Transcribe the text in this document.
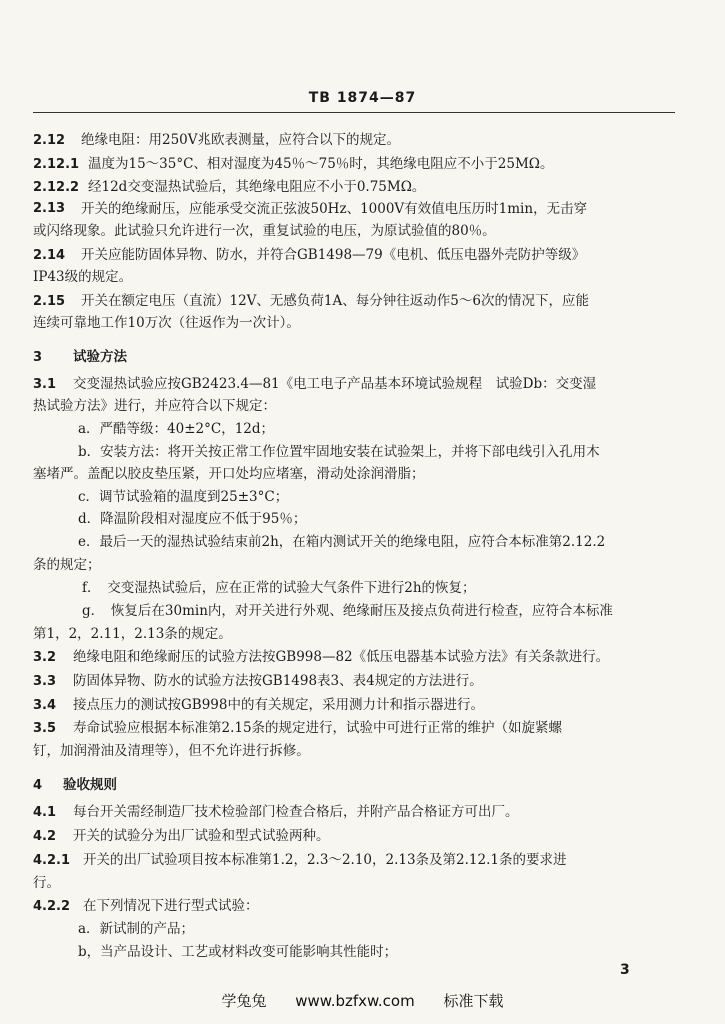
TB 1874—87
2.12 绝缘电阻：用250V兆欧表测量，应符合以下的规定。
2.12.1 温度为15～35°C、相对湿度为45％～75％时，其绝缘电阻应不小于25MΩ。
2.12.2 经12d交变湿热试验后，其绝缘电阻应不小于0.75MΩ。
2.13	开关的绝缘耐压，应能承受交流正弦波50Hz、1000V有效值电压历时1min，无击穿
或闪络现象。此试验只允许进行一次，重复试验的电压，为原试验值的80％。
2.14 开关应能防固体异物、防水，并符合GB1498—79《电机、低压电器外壳防护等级》
IP43级的规定。
2.15 开关在额定电压（直流）12V、无感负荷1A、每分钟往返动作5～6次的情况下，应能
连续可靠地工作10万次（往返作为一次计）。
3 试验方法
3.1 交变湿热试验应按GB2423.4—81《电工电子产品基本环境试验规程　试验Db：交变湿
热试验方法》进行，并应符合以下规定：
a．严酷等级：40±2°C，12d；
b．安装方法：将开关按正常工作位置牢固地安装在试验架上，并将下部电线引入孔用木
塞堵严。盖配以胶皮垫压紧，开口处均应堵塞，滑动处涂润滑脂；
c．调节试验箱的温度到25±3°C；
d．降温阶段相对湿度应不低于95％；
e．最后一天的湿热试验结束前2h，在箱内测试开关的绝缘电阻，应符合本标准第2.12.2
条的规定；
f．　交变湿热试验后，应在正常的试验大气条件下进行2h的恢复；
g．　恢复后在30min内，对开关进行外观、绝缘耐压及接点负荷进行检查，应符合本标准
第1，2，2.11，2.13条的规定。
3.2 绝缘电阻和绝缘耐压的试验方法按GB998—82《低压电器基本试验方法》有关条款进行。
3.3 防固体异物、防水的试验方法按GB1498表3、表4规定的方法进行。
3.4 接点压力的测试按GB998中的有关规定，采用测力计和指示器进行。
3.5 寿命试验应根据本标准第2.15条的规定进行，试验中可进行正常的维护（如旋紧螺
钉，加润滑油及清理等），但不允许进行拆修。
4 验收规则
4.1 每台开关需经制造厂技术检验部门检查合格后，并附产品合格证方可出厂。
4.2 开关的试验分为出厂试验和型式试验两种。
4.2.1 开关的出厂试验项目按本标准第1.2，2.3～2.10，2.13条及第2.12.1条的要求进
行。
4.2.2 在下列情况下进行型式试验：
a．新试制的产品；
b，当产品设计、工艺或材料改变可能影响其性能时；
3
学兔兔 www.bzfxw.com 标准下载
